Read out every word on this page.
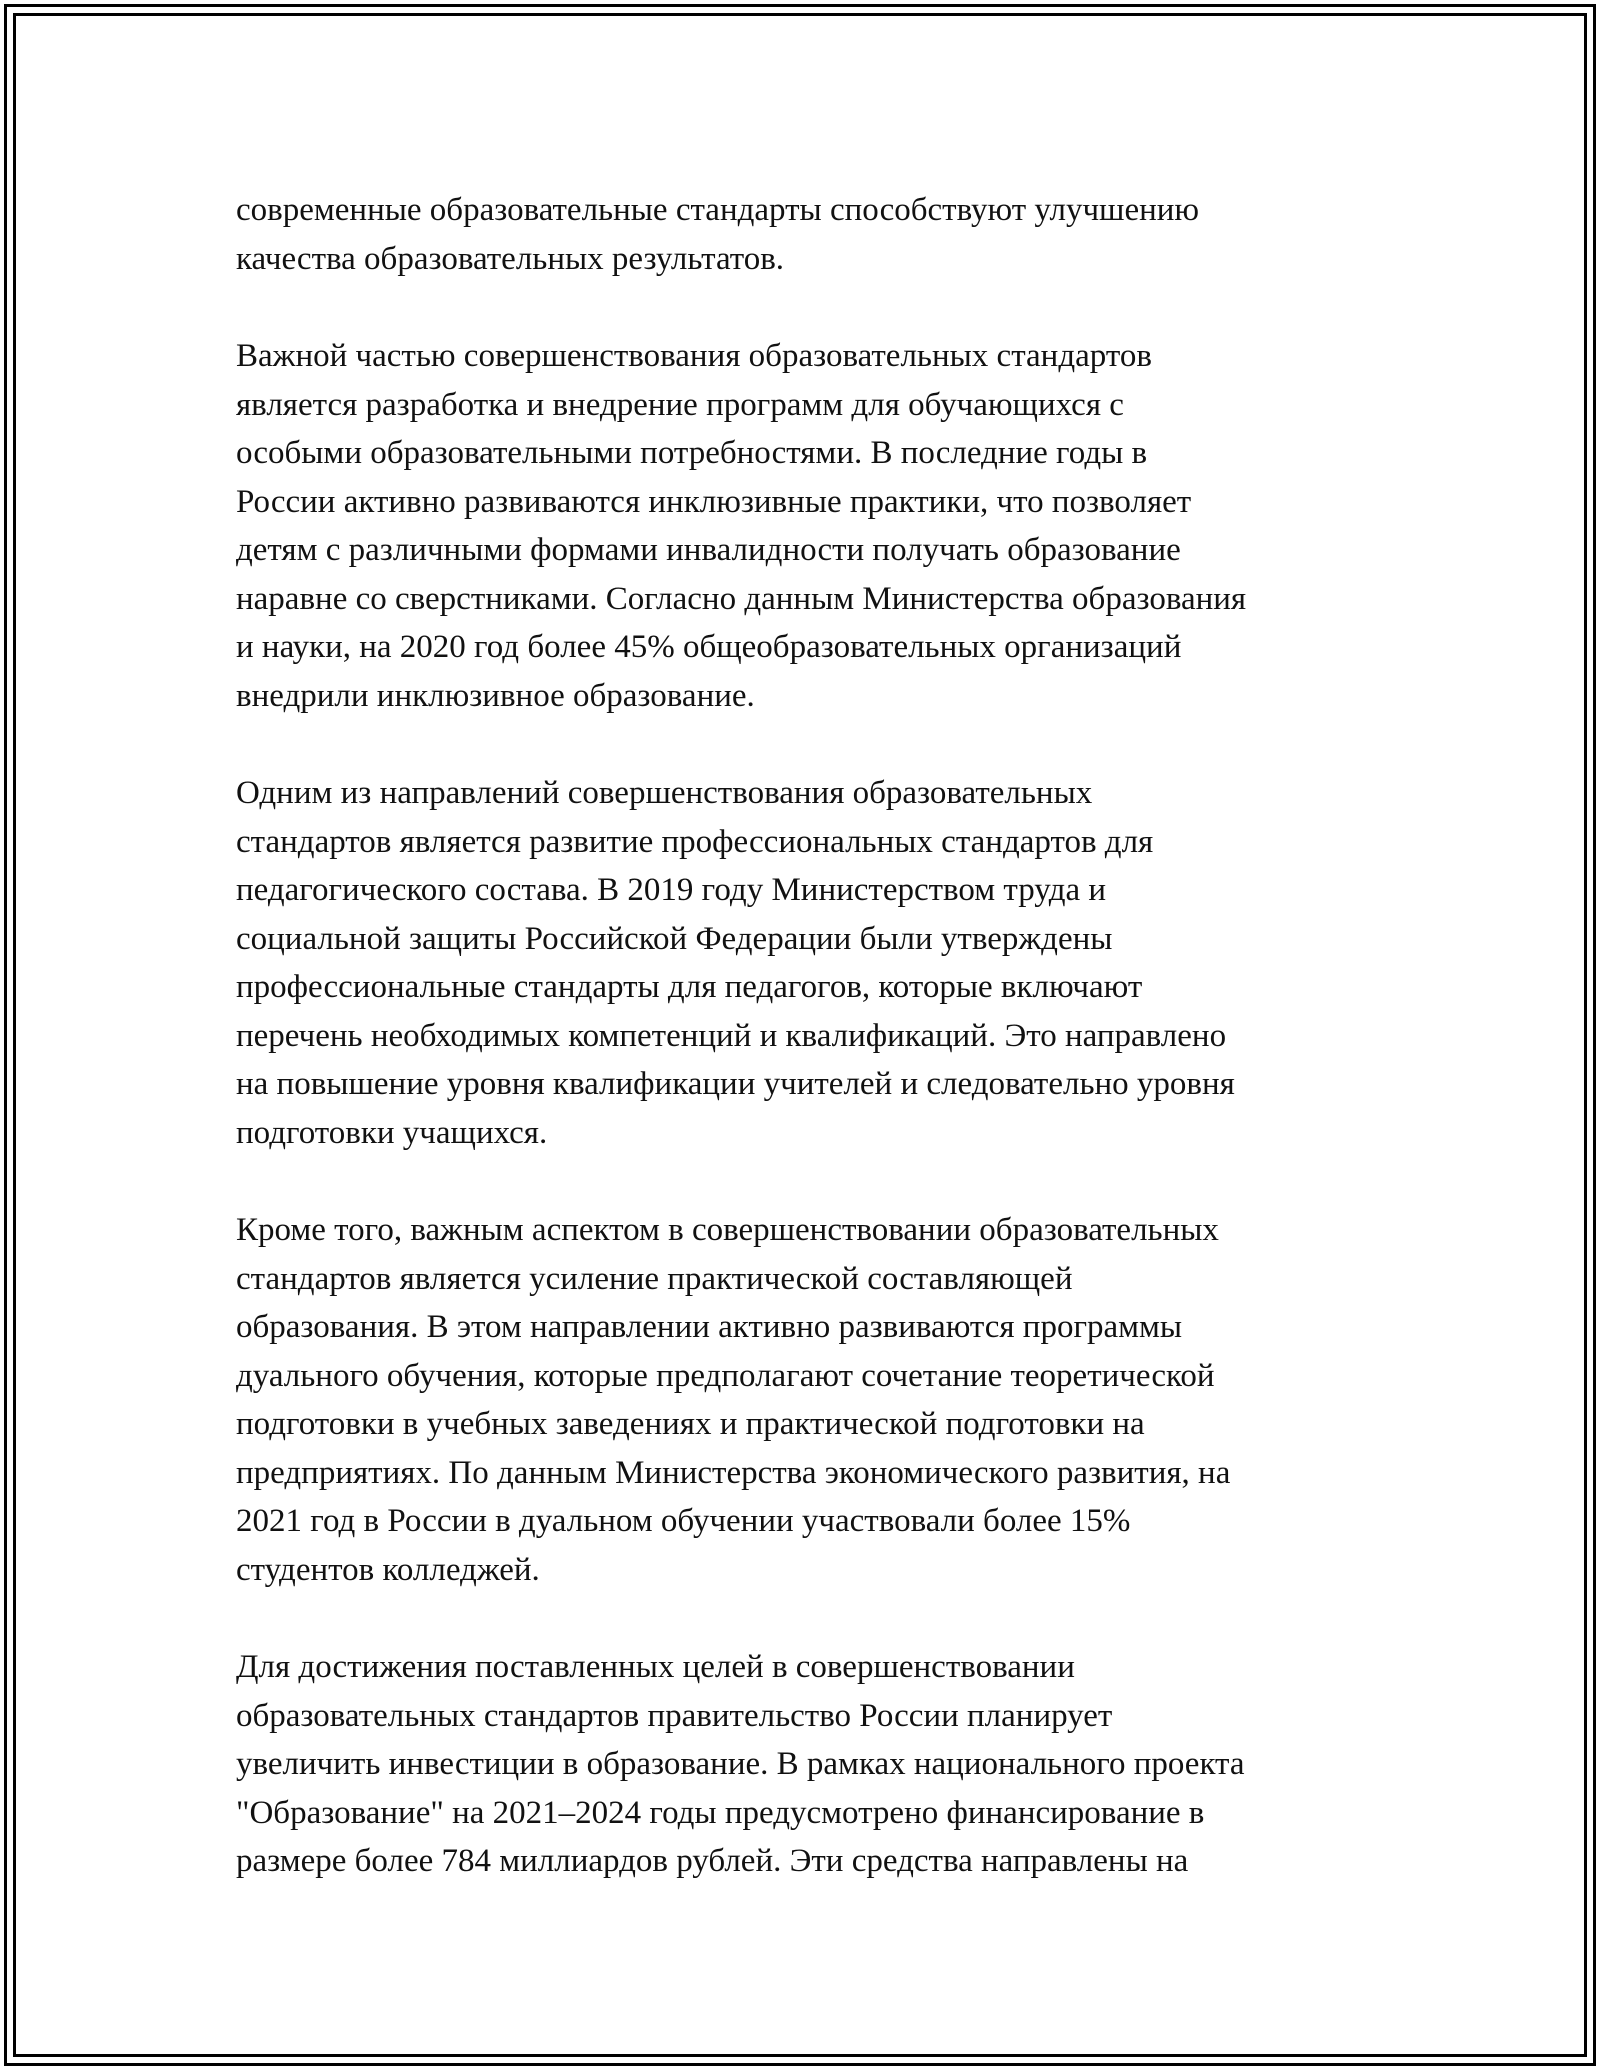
современные образовательные стандарты способствуют улучшению
качества образовательных результатов.

Важной частью совершенствования образовательных стандартов
является разработка и внедрение программ для обучающихся с
особыми образовательными потребностями. В последние годы в
России активно развиваются инклюзивные практики, что позволяет
детям с различными формами инвалидности получать образование
наравне со сверстниками. Согласно данным Министерства образования
и науки, на 2020 год более 45% общеобразовательных организаций
внедрили инклюзивное образование.

Одним из направлений совершенствования образовательных
стандартов является развитие профессиональных стандартов для
педагогического состава. В 2019 году Министерством труда и
социальной защиты Российской Федерации были утверждены
профессиональные стандарты для педагогов, которые включают
перечень необходимых компетенций и квалификаций. Это направлено
на повышение уровня квалификации учителей и следовательно уровня
подготовки учащихся.

Кроме того, важным аспектом в совершенствовании образовательных
стандартов является усиление практической составляющей
образования. В этом направлении активно развиваются программы
дуального обучения, которые предполагают сочетание теоретической
подготовки в учебных заведениях и практической подготовки на
предприятиях. По данным Министерства экономического развития, на
2021 год в России в дуальном обучении участвовали более 15%
студентов колледжей.

Для достижения поставленных целей в совершенствовании
образовательных стандартов правительство России планирует
увеличить инвестиции в образование. В рамках национального проекта
"Образование" на 2021–2024 годы предусмотрено финансирование в
размере более 784 миллиардов рублей. Эти средства направлены на
